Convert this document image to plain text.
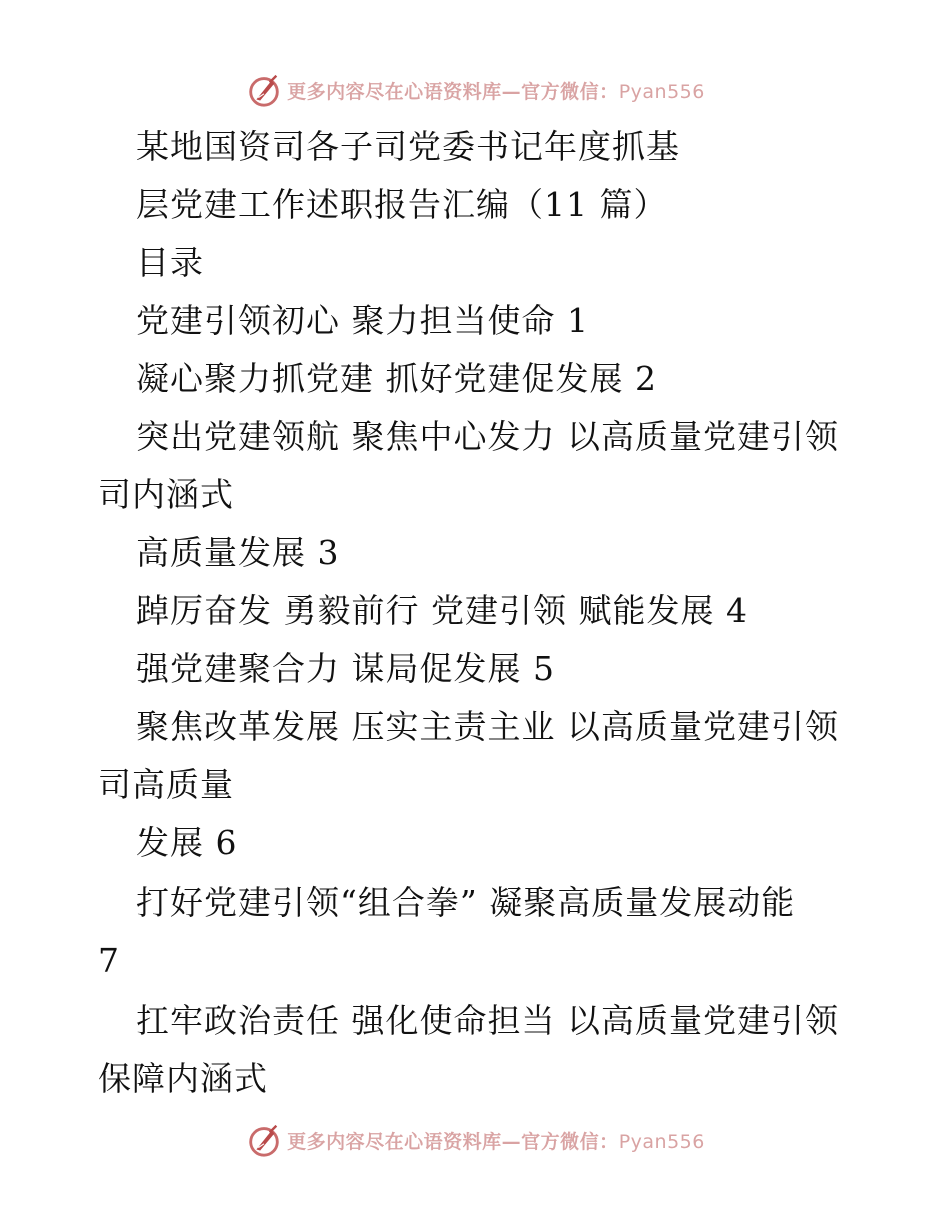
更多内容尽在心语资料库—官方微信：Pyan556
某地国资司各子司党委书记年度抓基
层党建工作述职报告汇编（11 篇）
目录
党建引领初心 聚力担当使命 1
凝心聚力抓党建 抓好党建促发展 2
突出党建领航 聚焦中心发力 以高质量党建引领
司内涵式
高质量发展 3
踔厉奋发 勇毅前行 党建引领 赋能发展 4
强党建聚合力 谋局促发展 5
聚焦改革发展 压实主责主业 以高质量党建引领
司高质量
发展 6
打好党建引领“组合拳” 凝聚高质量发展动能
7
扛牢政治责任 强化使命担当 以高质量党建引领
保障内涵式
更多内容尽在心语资料库—官方微信：Pyan556
